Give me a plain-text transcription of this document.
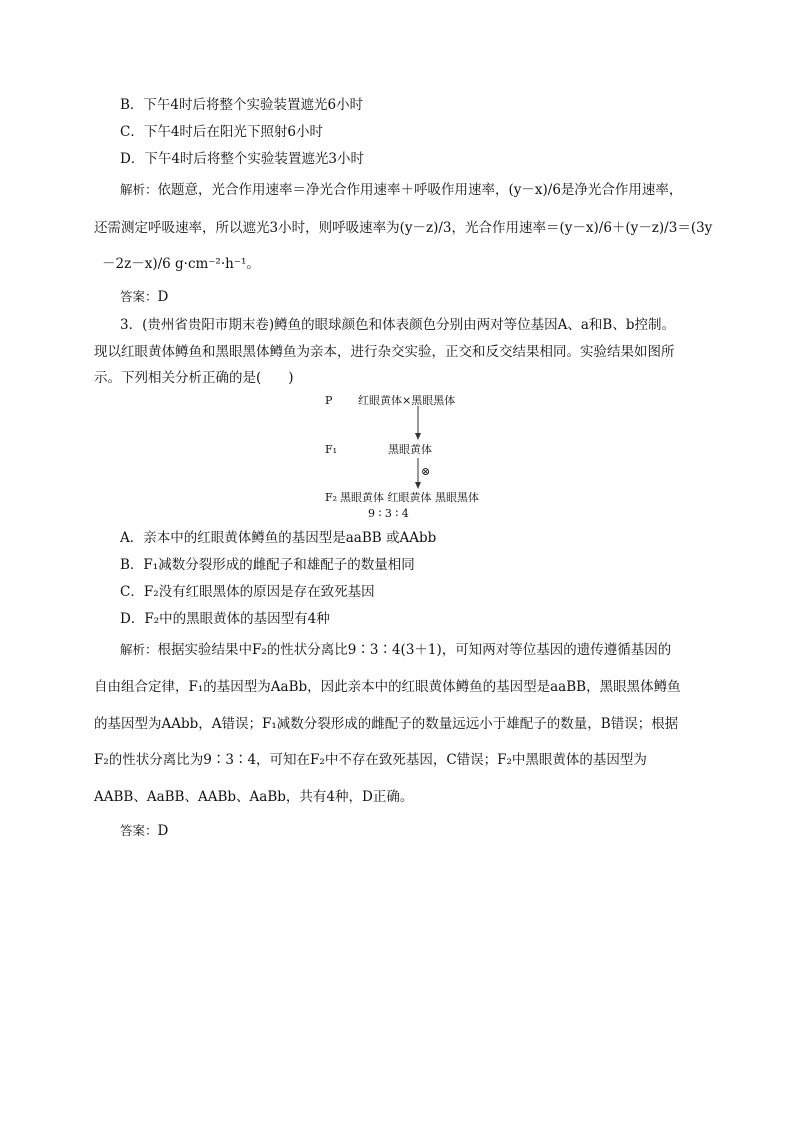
B．下午4时后将整个实验装置遮光6小时
C．下午4时后在阳光下照射6小时
D．下午4时后将整个实验装置遮光3小时
解析：依题意，光合作用速率＝净光合作用速率＋呼吸作用速率，(y－x)/6是净光合作用速率，
还需测定呼吸速率，所以遮光3小时，则呼吸速率为(y－z)/3，光合作用速率＝(y－x)/6＋(y－z)/3＝(3y
－2z－x)/6 g·cm⁻²·h⁻¹。
答案：D
3．(贵州省贵阳市期末卷)鳟鱼的眼球颜色和体表颜色分别由两对等位基因A、a和B、b控制。
现以红眼黄体鳟鱼和黑眼黑体鳟鱼为亲本，进行杂交实验，正交和反交结果相同。实验结果如图所
示。下列相关分析正确的是(　　)
P 红眼黄体×黑眼黑体
F₁	黑眼黄体
⊗
F₂ 黑眼黄体 红眼黄体 黑眼黑体
9 ∶ 3 ∶ 4
A．亲本中的红眼黄体鳟鱼的基因型是aaBB 或AAbb
B．F₁减数分裂形成的雌配子和雄配子的数量相同
C．F₂没有红眼黑体的原因是存在致死基因
D．F₂中的黑眼黄体的基因型有4种
解析：根据实验结果中F₂的性状分离比9∶3∶4(3＋1)，可知两对等位基因的遗传遵循基因的
自由组合定律，F₁的基因型为AaBb，因此亲本中的红眼黄体鳟鱼的基因型是aaBB，黑眼黑体鳟鱼
的基因型为AAbb，A错误；F₁减数分裂形成的雌配子的数量远远小于雄配子的数量，B错误；根据
F₂的性状分离比为9∶3∶4，可知在F₂中不存在致死基因，C错误；F₂中黑眼黄体的基因型为
AABB、AaBB、AABb、AaBb，共有4种，D正确。
答案：D
